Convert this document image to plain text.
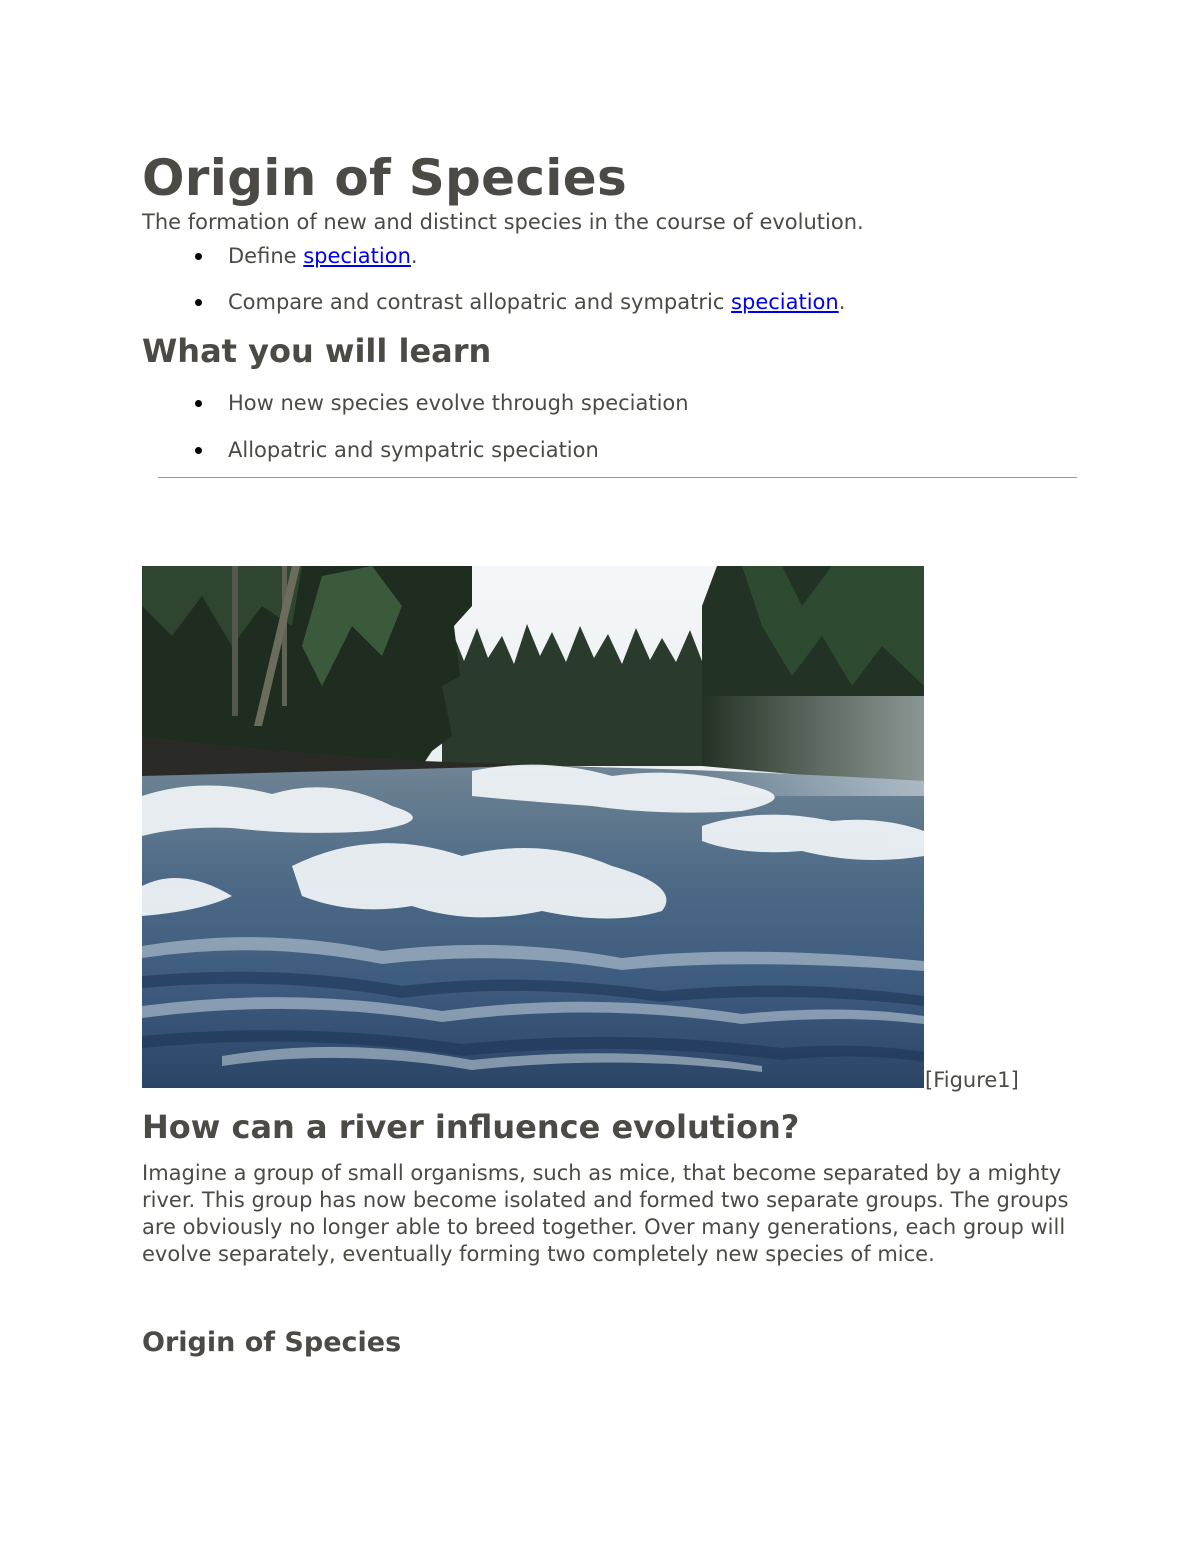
Origin of Species

The formation of new and distinct species in the course of evolution.

Define speciation.
Compare and contrast allopatric and sympatric speciation.
What you will learn
How new species evolve through speciation
Allopatric and sympatric speciation
[Figure1]
How can a river influence evolution?

Imagine a group of small organisms, such as mice, that become separated by a mighty river. This group has now become isolated and formed two separate groups. The groups are obviously no longer able to breed together. Over many generations, each group will evolve separately, eventually forming two completely new species of mice.

Origin of Species
